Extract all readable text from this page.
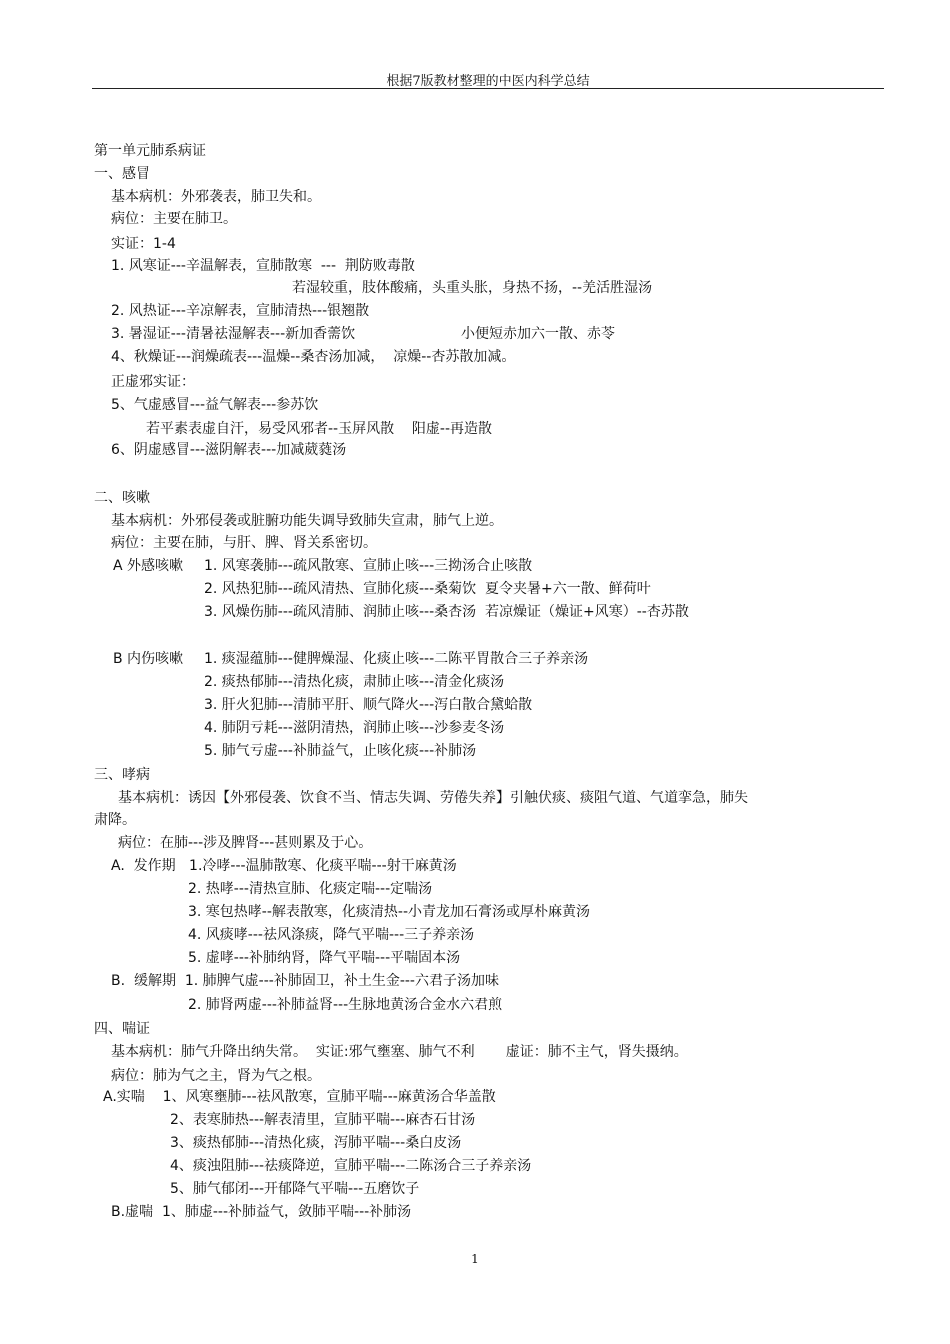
根据7版教材整理的中医内科学总结
第一单元肺系病证
一、感冒
基本病机：外邪袭表，肺卫失和。
病位：主要在肺卫。
实证：1-4
1. 风寒证---辛温解表，宣肺散寒  ---  荆防败毒散
若湿较重，肢体酸痛，头重头胀，身热不扬，--羌活胜湿汤
2. 风热证---辛凉解表，宣肺清热---银翘散
3. 暑湿证---清暑祛湿解表---新加香薷饮	小便短赤加六一散、赤苓
4、秋燥证---润燥疏表---温燥--桑杏汤加减，  凉燥--杏苏散加减。
正虚邪实证：
5、气虚感冒---益气解表---参苏饮
若平素表虚自汗，易受风邪者--玉屏风散    阳虚--再造散
6、阴虚感冒---滋阴解表---加减葳蕤汤
二、咳嗽
基本病机：外邪侵袭或脏腑功能失调导致肺失宣肃，肺气上逆。
病位：主要在肺，与肝、脾、肾关系密切。
A 外感咳嗽 1. 风寒袭肺---疏风散寒、宣肺止咳---三拗汤合止咳散
2. 风热犯肺---疏风清热、宣肺化痰---桑菊饮  夏令夹暑+六一散、鲜荷叶
3. 风燥伤肺---疏风清肺、润肺止咳---桑杏汤  若凉燥证（燥证+风寒）--杏苏散
B 内伤咳嗽 1. 痰湿蕴肺---健脾燥湿、化痰止咳---二陈平胃散合三子养亲汤
2. 痰热郁肺---清热化痰，肃肺止咳---清金化痰汤
3. 肝火犯肺---清肺平肝、顺气降火---泻白散合黛蛤散
4. 肺阴亏耗---滋阴清热，润肺止咳---沙参麦冬汤
5. 肺气亏虚---补肺益气，止咳化痰---补肺汤
三、哮病
基本病机：诱因【外邪侵袭、饮食不当、情志失调、劳倦失养】引触伏痰、痰阻气道、气道挛急，肺失
肃降。
病位：在肺---涉及脾肾---甚则累及于心。
A.  发作期   1.冷哮---温肺散寒、化痰平喘---射干麻黄汤
2. 热哮---清热宣肺、化痰定喘---定喘汤
3. 寒包热哮--解表散寒，化痰清热--小青龙加石膏汤或厚朴麻黄汤
4. 风痰哮---祛风涤痰，降气平喘---三子养亲汤
5. 虚哮---补肺纳肾，降气平喘---平喘固本汤
B.  缓解期  1. 肺脾气虚---补肺固卫，补土生金---六君子汤加味
2. 肺肾两虚---补肺益肾---生脉地黄汤合金水六君煎
四、喘证
基本病机：肺气升降出纳失常。  实证:邪气壅塞、肺气不利       虚证：肺不主气，肾失摄纳。
病位：肺为气之主，肾为气之根。
A.实喘    1、风寒壅肺---祛风散寒，宣肺平喘---麻黄汤合华盖散
2、表寒肺热---解表清里，宣肺平喘---麻杏石甘汤
3、痰热郁肺---清热化痰，泻肺平喘---桑白皮汤
4、痰浊阻肺---祛痰降逆，宣肺平喘---二陈汤合三子养亲汤
5、肺气郁闭---开郁降气平喘---五磨饮子
B.虚喘  1、肺虚---补肺益气，敛肺平喘---补肺汤
1
